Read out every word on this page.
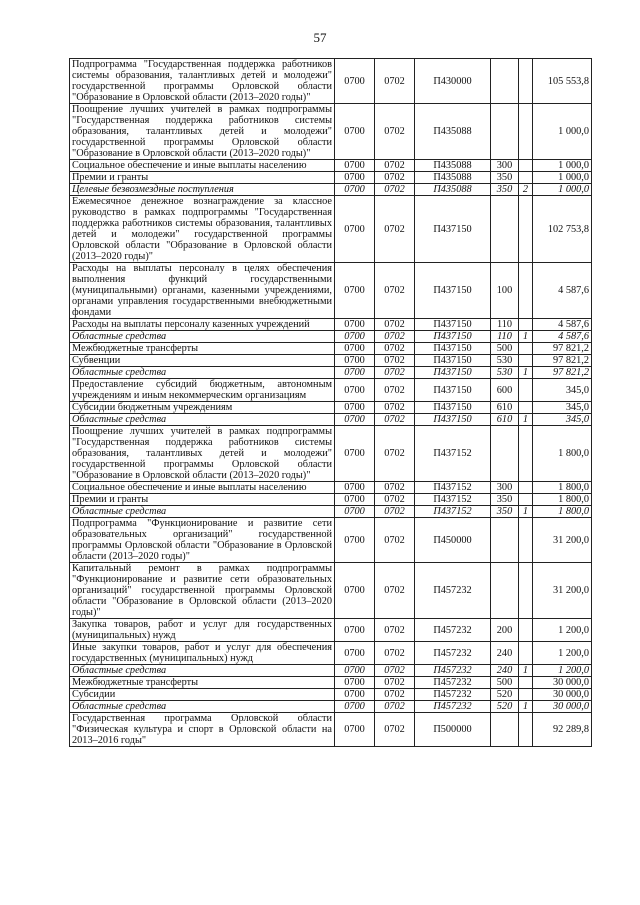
57
Подпрограмма "Государственная поддержка работников системы образования, талантливых детей и молодежи" государственной программы Орловской области "Образование в Орловской области (2013–2020 годы)"	0700	0702	П430000			105 553,8
Поощрение лучших учителей в рамках подпрограммы "Государственная поддержка работников системы образования, талантливых детей и молодежи" государственной программы Орловской области "Образование в Орловской области (2013–2020 годы)"	0700	0702	П435088			1 000,0
Социальное обеспечение и иные выплаты населению	0700	0702	П435088	300		1 000,0
Премии и гранты	0700	0702	П435088	350		1 000,0
Целевые безвозмездные поступления	0700	0702	П435088	350	2	1 000,0
Ежемесячное денежное вознаграждение за классное руководство в рамках подпрограммы "Государственная поддержка работников системы образования, талантливых детей и молодежи" государственной программы Орловской области "Образование в Орловской области (2013–2020 годы)"	0700	0702	П437150			102 753,8
Расходы на выплаты персоналу в целях обеспечения выполнения функций государственными (муниципальными) органами, казенными учреждениями, органами управления государственными внебюджетными фондами	0700	0702	П437150	100		4 587,6
Расходы на выплаты персоналу казенных учреждений	0700	0702	П437150	110		4 587,6
Областные средства	0700	0702	П437150	110	1	4 587,6
Межбюджетные трансферты	0700	0702	П437150	500		97 821,2
Субвенции	0700	0702	П437150	530		97 821,2
Областные средства	0700	0702	П437150	530	1	97 821,2
Предоставление субсидий бюджетным, автономным учреждениям и иным некоммерческим организациям	0700	0702	П437150	600		345,0
Субсидии бюджетным учреждениям	0700	0702	П437150	610		345,0
Областные средства	0700	0702	П437150	610	1	345,0
Поощрение лучших учителей в рамках подпрограммы "Государственная поддержка работников системы образования, талантливых детей и молодежи" государственной программы Орловской области "Образование в Орловской области (2013–2020 годы)"	0700	0702	П437152			1 800,0
Социальное обеспечение и иные выплаты населению	0700	0702	П437152	300		1 800,0
Премии и гранты	0700	0702	П437152	350		1 800,0
Областные средства	0700	0702	П437152	350	1	1 800,0
Подпрограмма "Функционирование и развитие сети образовательных организаций" государственной программы Орловской области "Образование в Орловской области (2013–2020 годы)"	0700	0702	П450000			31 200,0
Капитальный ремонт в рамках подпрограммы "Функционирование и развитие сети образовательных организаций" государственной программы Орловской области "Образование в Орловской области (2013–2020 годы)"	0700	0702	П457232			31 200,0
Закупка товаров, работ и услуг для государственных (муниципальных) нужд	0700	0702	П457232	200		1 200,0
Иные закупки товаров, работ и услуг для обеспечения государственных (муниципальных) нужд	0700	0702	П457232	240		1 200,0
Областные средства	0700	0702	П457232	240	1	1 200,0
Межбюджетные трансферты	0700	0702	П457232	500		30 000,0
Субсидии	0700	0702	П457232	520		30 000,0
Областные средства	0700	0702	П457232	520	1	30 000,0
Государственная программа Орловской области "Физическая культура и спорт в Орловской области на 2013–2016 годы"	0700	0702	П500000			92 289,8
